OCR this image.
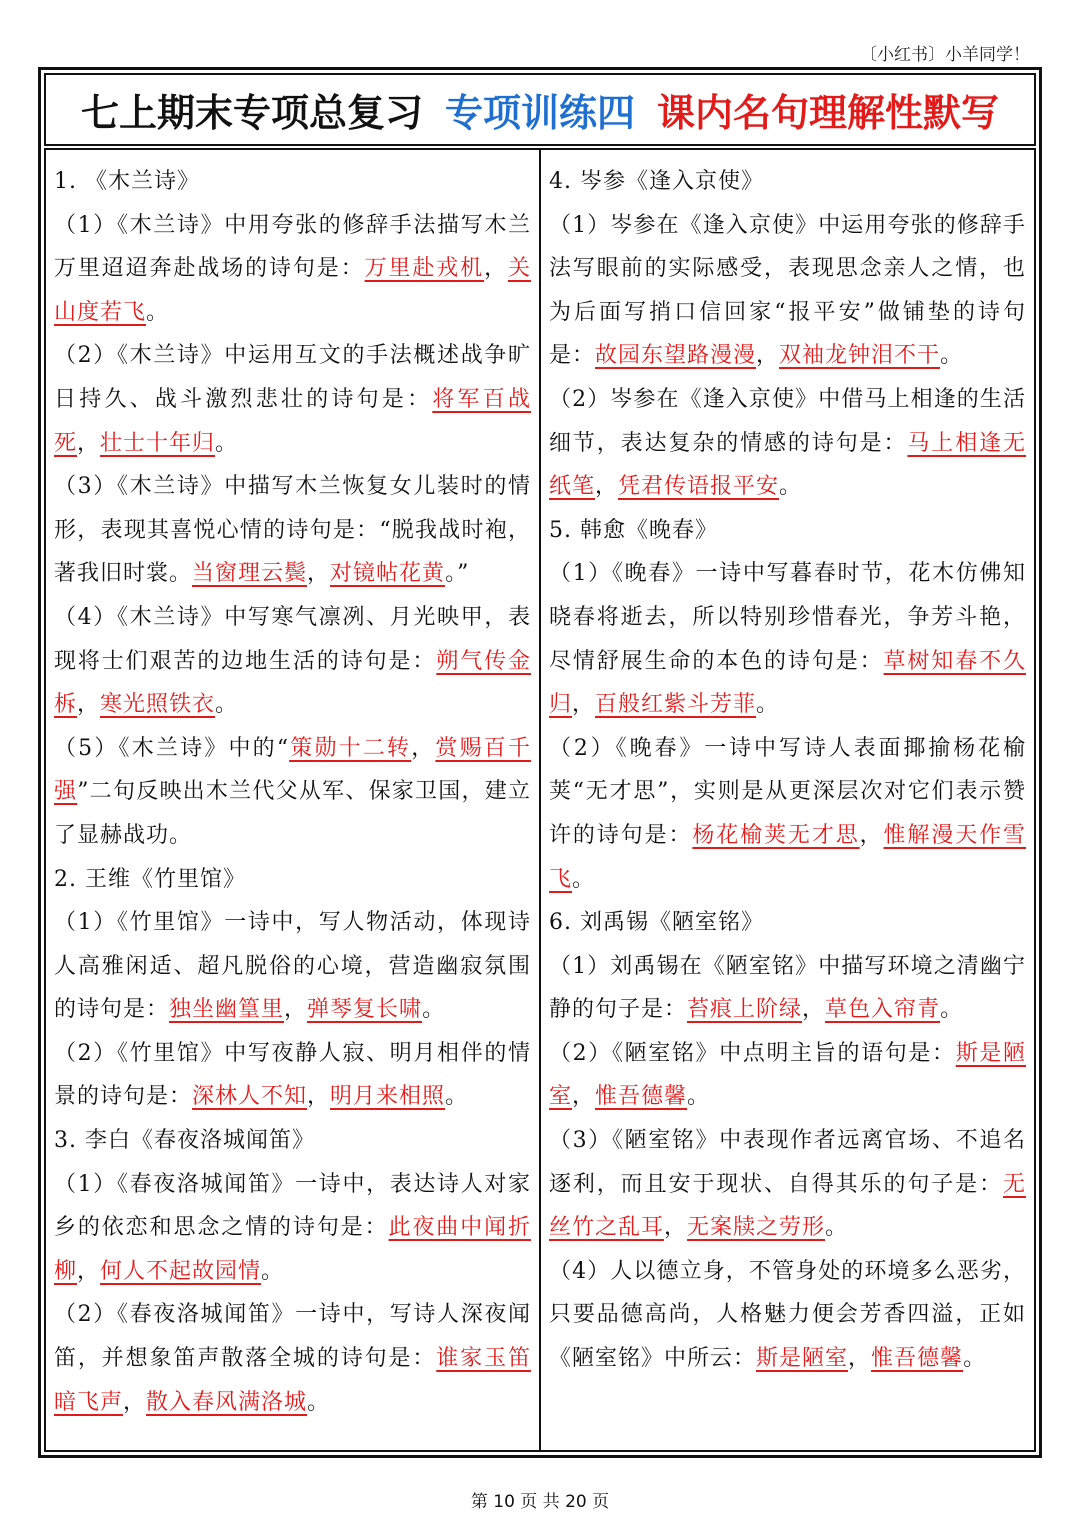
〔小红书〕小羊同学！
七上期末专项总复习 专项训练四 课内名句理解性默写
1. 《木兰诗》

（1）《木兰诗》中用夸张的修辞手法描写木兰万里迢迢奔赴战场的诗句是：万里赴戎机，关山度若飞。

（2）《木兰诗》中运用互文的手法概述战争旷日持久、战斗激烈悲壮的诗句是：将军百战死，壮士十年归。

（3）《木兰诗》中描写木兰恢复女儿装时的情形，表现其喜悦心情的诗句是：“脱我战时袍，著我旧时裳。当窗理云鬓，对镜帖花黄。”

（4）《木兰诗》中写寒气凛冽、月光映甲，表现将士们艰苦的边地生活的诗句是：朔气传金柝，寒光照铁衣。

（5）《木兰诗》中的“策勋十二转，赏赐百千强”二句反映出木兰代父从军、保家卫国，建立了显赫战功。

2. 王维《竹里馆》

（1）《竹里馆》一诗中，写人物活动，体现诗人高雅闲适、超凡脱俗的心境，营造幽寂氛围的诗句是：独坐幽篁里，弹琴复长啸。

（2）《竹里馆》中写夜静人寂、明月相伴的情景的诗句是：深林人不知，明月来相照。

3. 李白《春夜洛城闻笛》

（1）《春夜洛城闻笛》一诗中，表达诗人对家乡的依恋和思念之情的诗句是：此夜曲中闻折柳，何人不起故园情。

（2）《春夜洛城闻笛》一诗中，写诗人深夜闻笛，并想象笛声散落全城的诗句是：谁家玉笛暗飞声，散入春风满洛城。

4. 岑参《逢入京使》

（1）岑参在《逢入京使》中运用夸张的修辞手法写眼前的实际感受，表现思念亲人之情，也为后面写捎口信回家“报平安”做铺垫的诗句是：故园东望路漫漫，双袖龙钟泪不干。

（2）岑参在《逢入京使》中借马上相逢的生活细节，表达复杂的情感的诗句是：马上相逢无纸笔，凭君传语报平安。

5. 韩愈《晚春》

（1）《晚春》一诗中写暮春时节，花木仿佛知晓春将逝去，所以特别珍惜春光，争芳斗艳，尽情舒展生命的本色的诗句是：草树知春不久归，百般红紫斗芳菲。

（2）《晚春》一诗中写诗人表面揶揄杨花榆荚“无才思”，实则是从更深层次对它们表示赞许的诗句是：杨花榆荚无才思，惟解漫天作雪飞。

6. 刘禹锡《陋室铭》

（1）刘禹锡在《陋室铭》中描写环境之清幽宁静的句子是：苔痕上阶绿，草色入帘青。

（2）《陋室铭》中点明主旨的语句是：斯是陋室，惟吾德馨。

（3）《陋室铭》中表现作者远离官场、不追名逐利，而且安于现状、自得其乐的句子是：无丝竹之乱耳，无案牍之劳形。

（4）人以德立身，不管身处的环境多么恶劣，只要品德高尚，人格魅力便会芳香四溢，正如《陋室铭》中所云：斯是陋室，惟吾德馨。

第 10 页 共 20 页
